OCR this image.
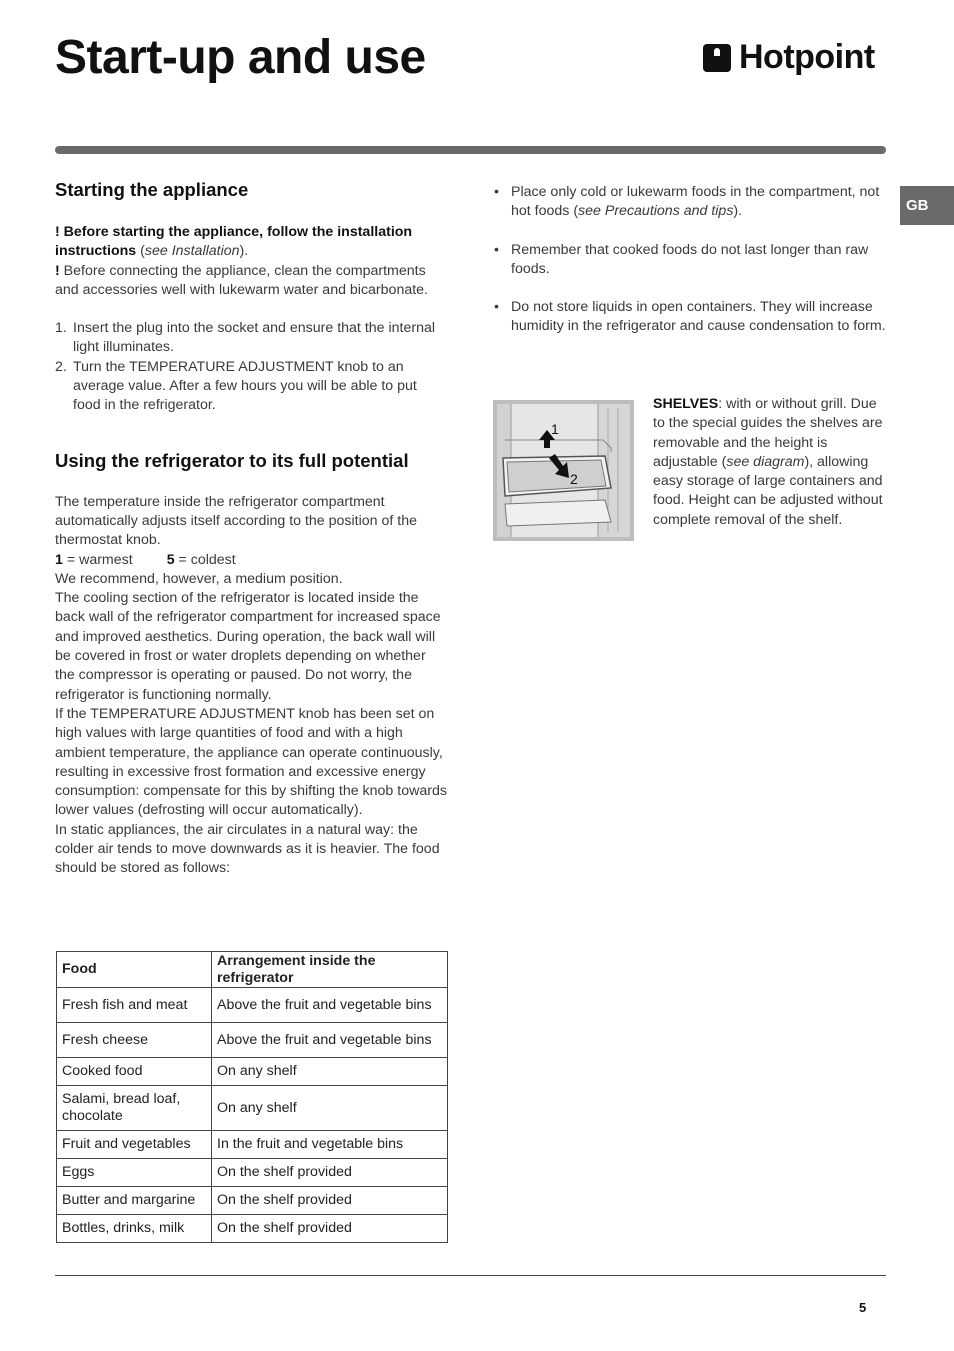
Start-up and use	Hotpoint
GB
Starting the appliance

! Before starting the appliance, follow the installation instructions (see Installation).

! Before connecting the appliance, clean the compartments and accessories well with lukewarm water and bicarbonate.

1. Insert the plug into the socket and ensure that the internal light illuminates.
2. Turn the TEMPERATURE ADJUSTMENT knob to an average value. After a few hours you will be able to put food in the refrigerator.
Using the refrigerator to its full potential

The temperature inside the refrigerator compartment automatically adjusts itself according to the position of the thermostat knob.

1 = warmest 5 = coldest

We recommend, however, a medium position.

The cooling section of the refrigerator is located inside the back wall of the refrigerator compartment for increased space and improved aesthetics. During operation, the back wall will be covered in frost or water droplets depending on whether the compressor is operating or paused. Do not worry, the refrigerator is functioning normally.

If the TEMPERATURE ADJUSTMENT knob has been set on high values with large quantities of food and with a high ambient temperature, the appliance can operate continuously, resulting in excessive frost formation and excessive energy consumption: compensate for this by shifting the knob towards lower values (defrosting will occur automatically).

In static appliances, the air circulates in a natural way: the colder air tends to move downwards as it is heavier. The food should be stored as follows:

Food	Arrangement inside the refrigerator
Fresh fish and meat	Above the fruit and vegetable bins
Fresh cheese	Above the fruit and vegetable bins
Cooked food	On any shelf
Salami, bread loaf, chocolate	On any shelf
Fruit and vegetables	In the fruit and vegetable bins
Eggs	On the shelf provided
Butter and margarine	On the shelf provided
Bottles, drinks, milk	On the shelf provided
• Place only cold or lukewarm foods in the compartment, not hot foods (see Precautions and tips).
• Remember that cooked foods do not last longer than raw foods.
• Do not store liquids in open containers. They will increase humidity in the refrigerator and cause condensation to form.
1
2
SHELVES: with or without grill. Due to the special guides the shelves are removable and the height is adjustable (see diagram), allowing easy storage of large containers and food. Height can be adjusted without complete removal of the shelf.
5
